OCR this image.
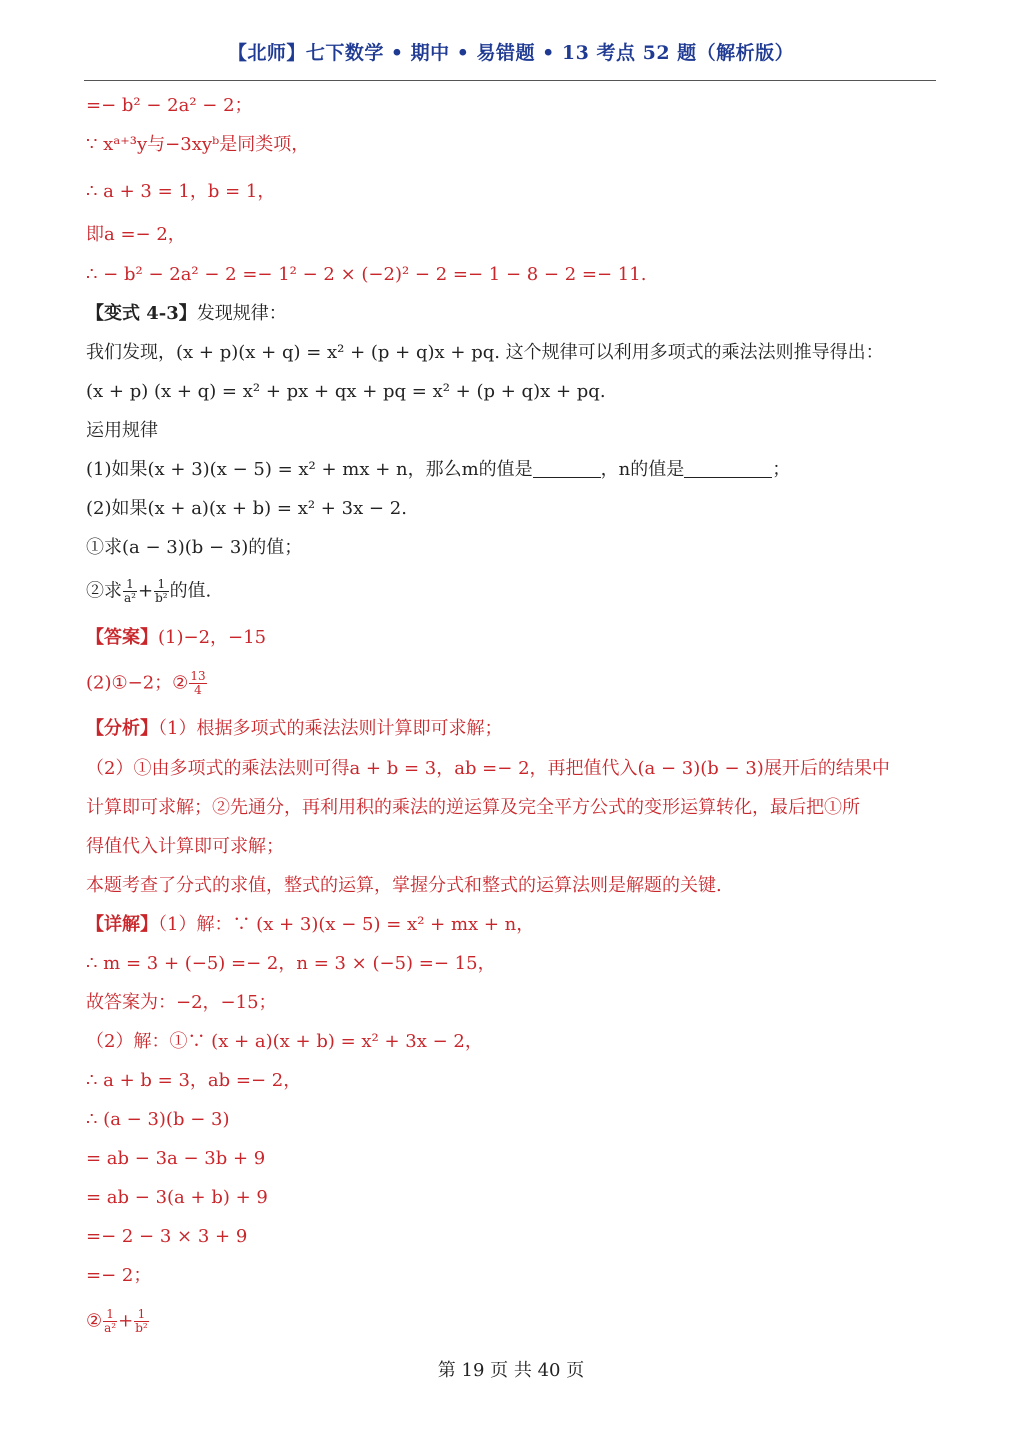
【北师】七下数学 • 期中 • 易错题 • 13 考点 52 题（解析版）
=− b² − 2a² − 2；
∵ xᵃ⁺³y与−3xyᵇ是同类项，
∴ a + 3 = 1，b = 1，
即a =− 2，
∴ − b² − 2a² − 2 =− 1² − 2 × (−2)² − 2 =− 1 − 8 − 2 =− 11.
【变式 4-3】发现规律：
我们发现，(x + p)(x + q) = x² + (p + q)x + pq. 这个规律可以利用多项式的乘法法则推导得出：
(x + p) (x + q) = x² + px + qx + pq = x² + (p + q)x + pq.
运用规律
(1)如果(x + 3)(x − 5) = x² + mx + n，那么m的值是	，n的值是	；
(2)如果(x + a)(x + b) = x² + 3x − 2.
①求(a − 3)(b − 3)的值；
②求 $\frac{1}{\text{a²}} + \frac{1}{\text{b²}}$ 的值.
【答案】(1)−2，−15
(2)①−2；② $\frac{13}{4}$
【分析】（1）根据多项式的乘法法则计算即可求解；
（2）①由多项式的乘法法则可得a + b = 3，ab =− 2，再把值代入(a − 3)(b − 3)展开后的结果中
计算即可求解；②先通分，再利用积的乘法的逆运算及完全平方公式的变形运算转化，最后把①所
得值代入计算即可求解；
本题考查了分式的求值，整式的运算，掌握分式和整式的运算法则是解题的关键.
【详解】（1）解：∵ (x + 3)(x − 5) = x² + mx + n，
∴ m = 3 + (−5) =− 2，n = 3 × (−5) =− 15，
故答案为：−2，−15；
（2）解：①∵ (x + a)(x + b) = x² + 3x − 2，
∴ a + b = 3，ab =− 2，
∴ (a − 3)(b − 3)
= ab − 3a − 3b + 9
= ab − 3(a + b) + 9
=− 2 − 3 × 3 + 9
=− 2；
② $\frac{1}{\text{a²}} + \frac{1}{\text{b²}}$
第 19 页 共 40 页
